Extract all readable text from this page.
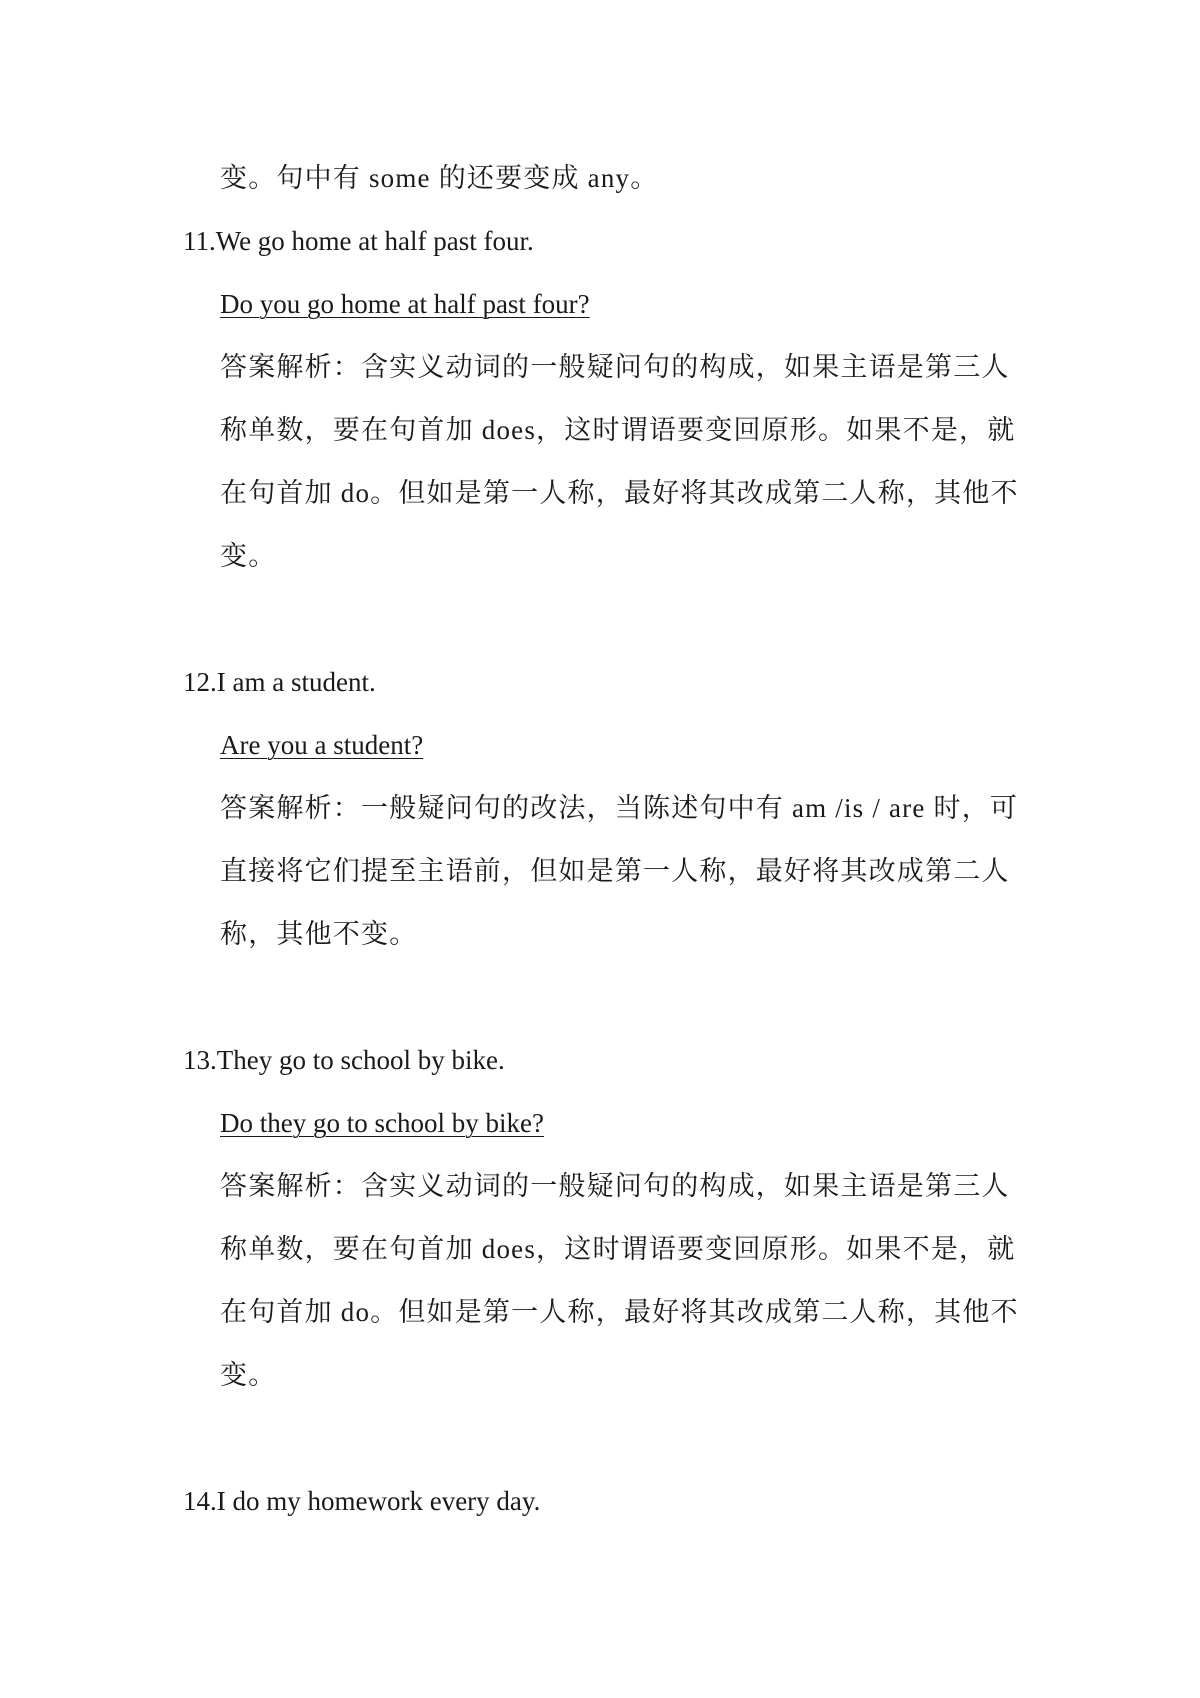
变。句中有 some 的还要变成 any。
11.We go home at half past four.
Do you go home at half past four?
答案解析：含实义动词的一般疑问句的构成，如果主语是第三人
称单数，要在句首加 does，这时谓语要变回原形。如果不是，就
在句首加 do。但如是第一人称，最好将其改成第二人称，其他不
变。
12.I am a student.
Are you a student?
答案解析：一般疑问句的改法，当陈述句中有 am /is / are 时，可
直接将它们提至主语前，但如是第一人称，最好将其改成第二人
称，其他不变。
13.They go to school by bike.
Do they go to school by bike?
答案解析：含实义动词的一般疑问句的构成，如果主语是第三人
称单数，要在句首加 does，这时谓语要变回原形。如果不是，就
在句首加 do。但如是第一人称，最好将其改成第二人称，其他不
变。
14.I do my homework every day.
